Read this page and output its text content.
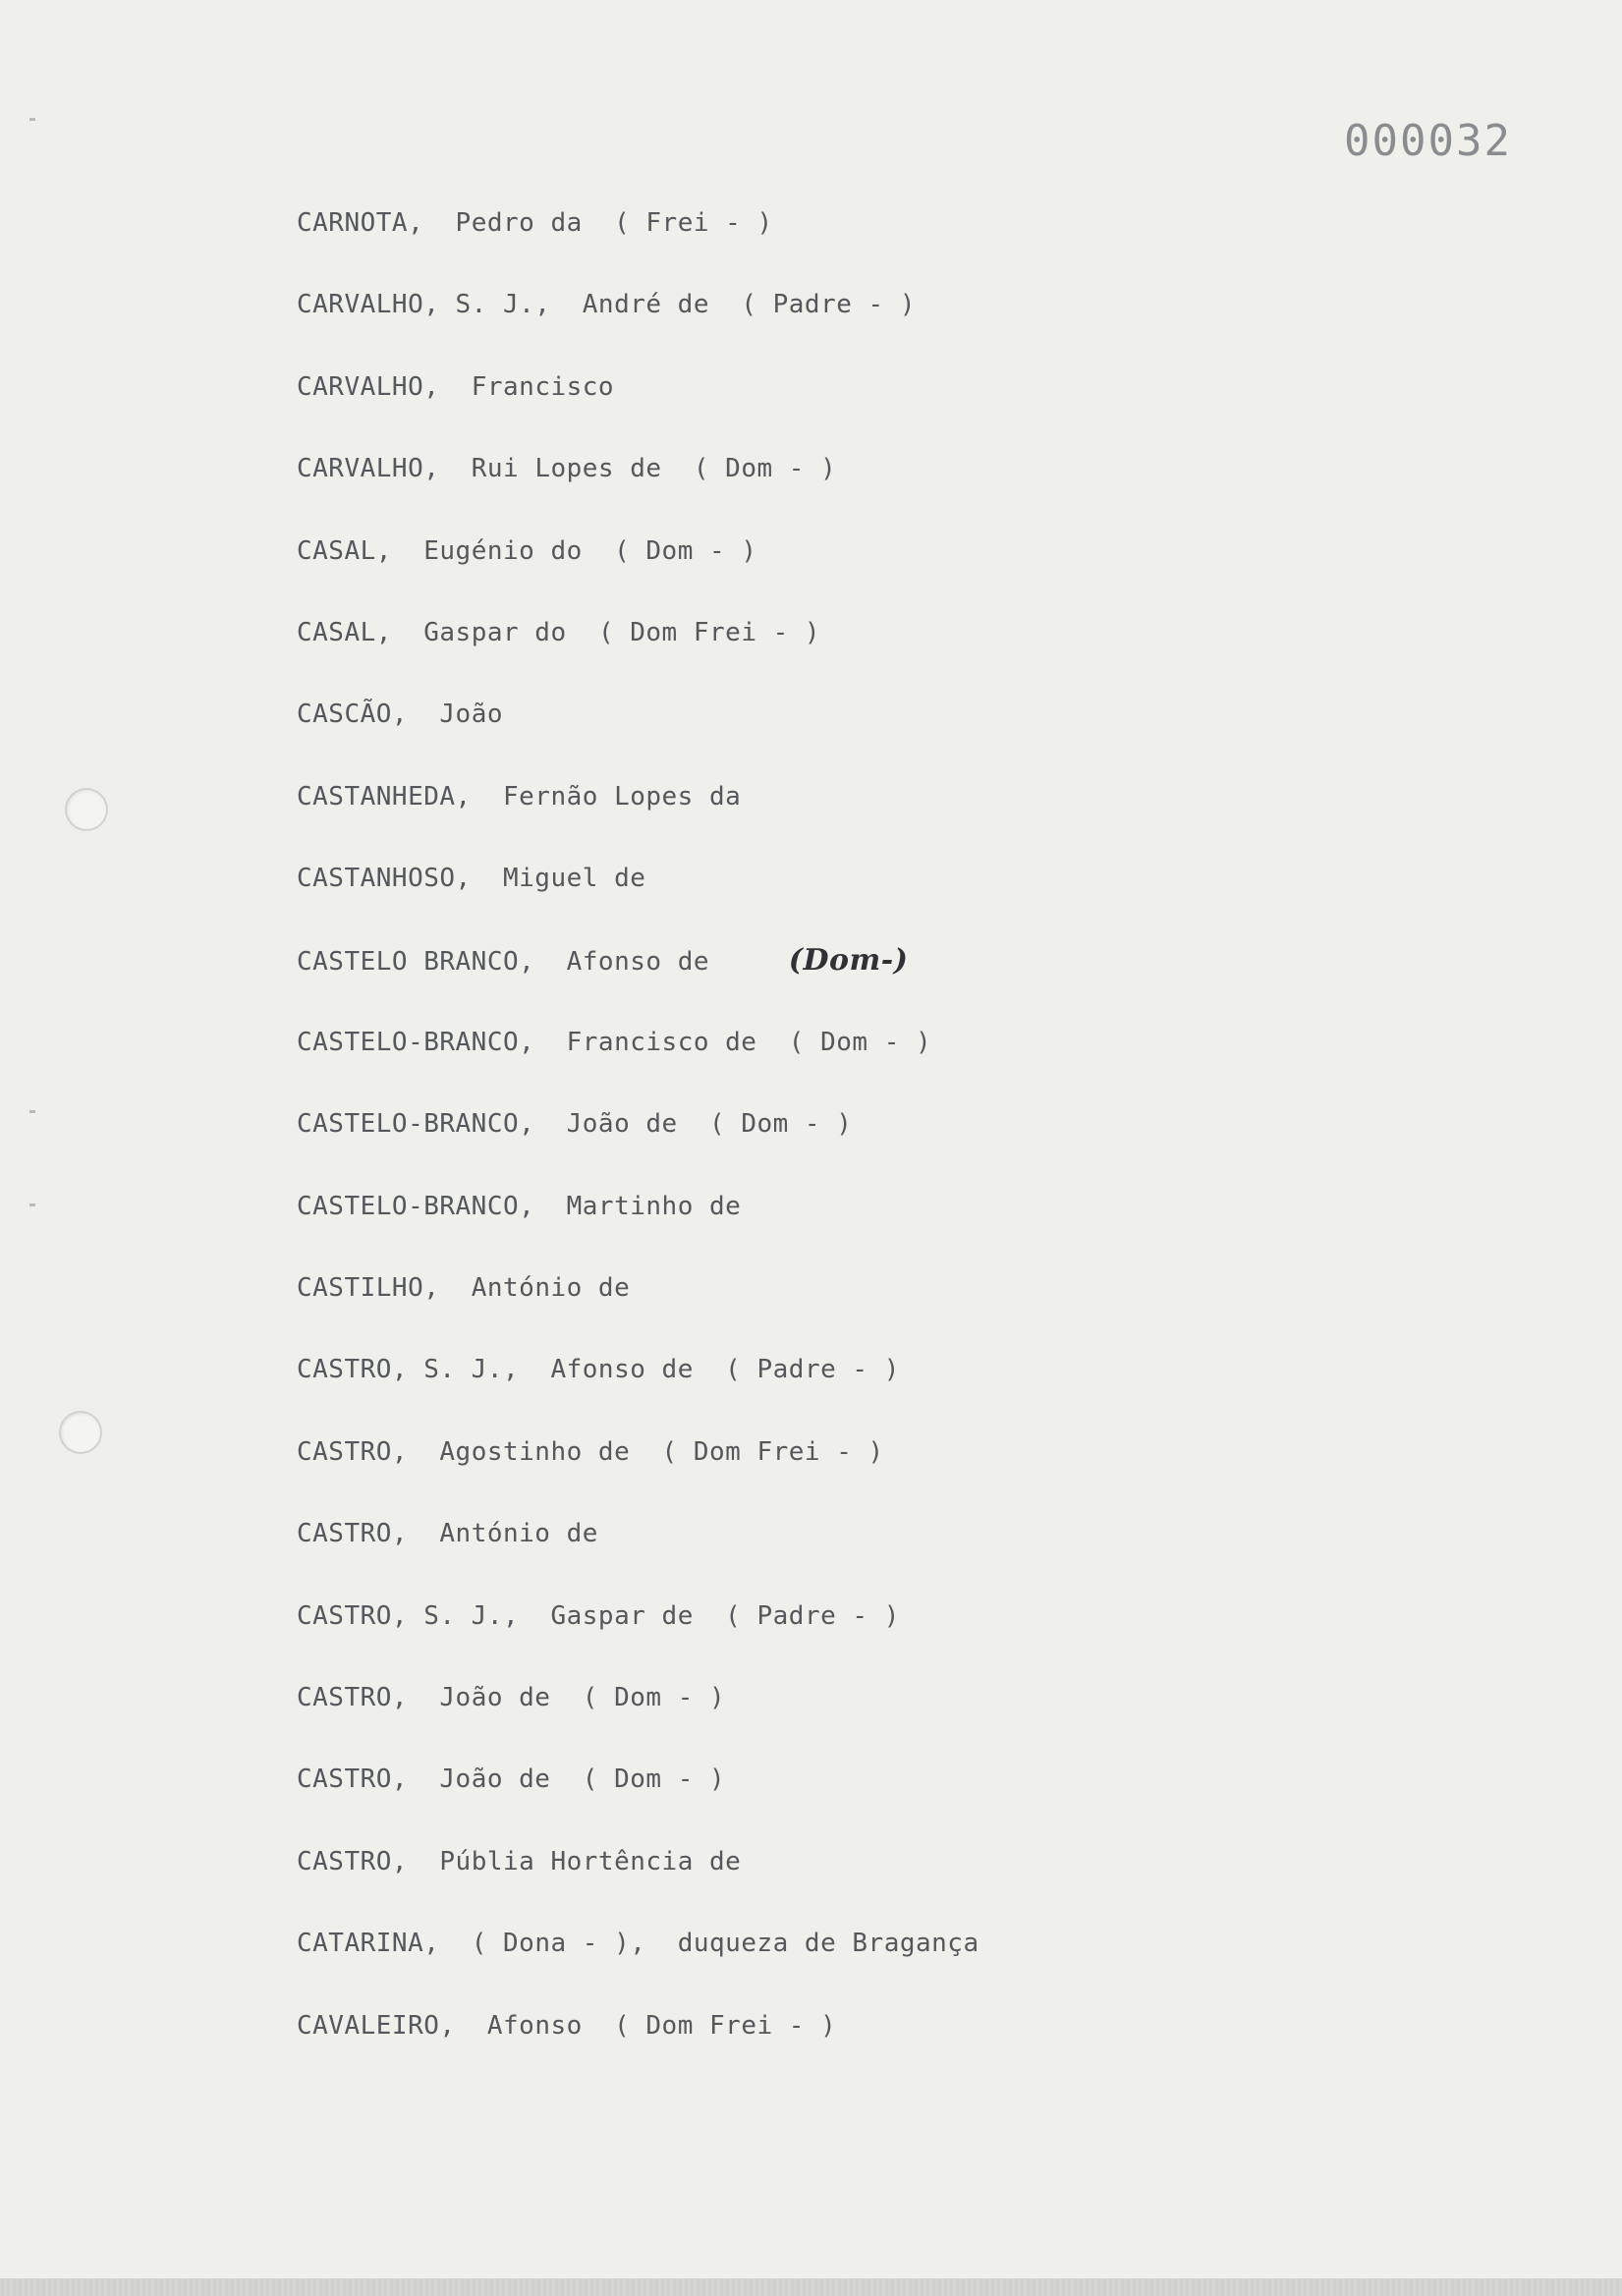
000032
CARNOTA, Pedro da ( Frei - )
CARVALHO, S. J., André de ( Padre - )
CARVALHO, Francisco
CARVALHO, Rui Lopes de ( Dom - )
CASAL, Eugénio do ( Dom - )
CASAL, Gaspar do ( Dom Frei - )
CASCÃO, João
CASTANHEDA, Fernão Lopes da
CASTANHOSO, Miguel de
CASTELO BRANCO, Afonso de	(Dom-)
CASTELO-BRANCO, Francisco de ( Dom - )
CASTELO-BRANCO, João de ( Dom - )
CASTELO-BRANCO, Martinho de
CASTILHO, António de
CASTRO, S. J., Afonso de ( Padre - )
CASTRO, Agostinho de ( Dom Frei - )
CASTRO, António de
CASTRO, S. J., Gaspar de ( Padre - )
CASTRO, João de ( Dom - )
CASTRO, João de ( Dom - )
CASTRO, Públia Hortência de
CATARINA, ( Dona - ), duqueza de Bragança
CAVALEIRO, Afonso ( Dom Frei - )
